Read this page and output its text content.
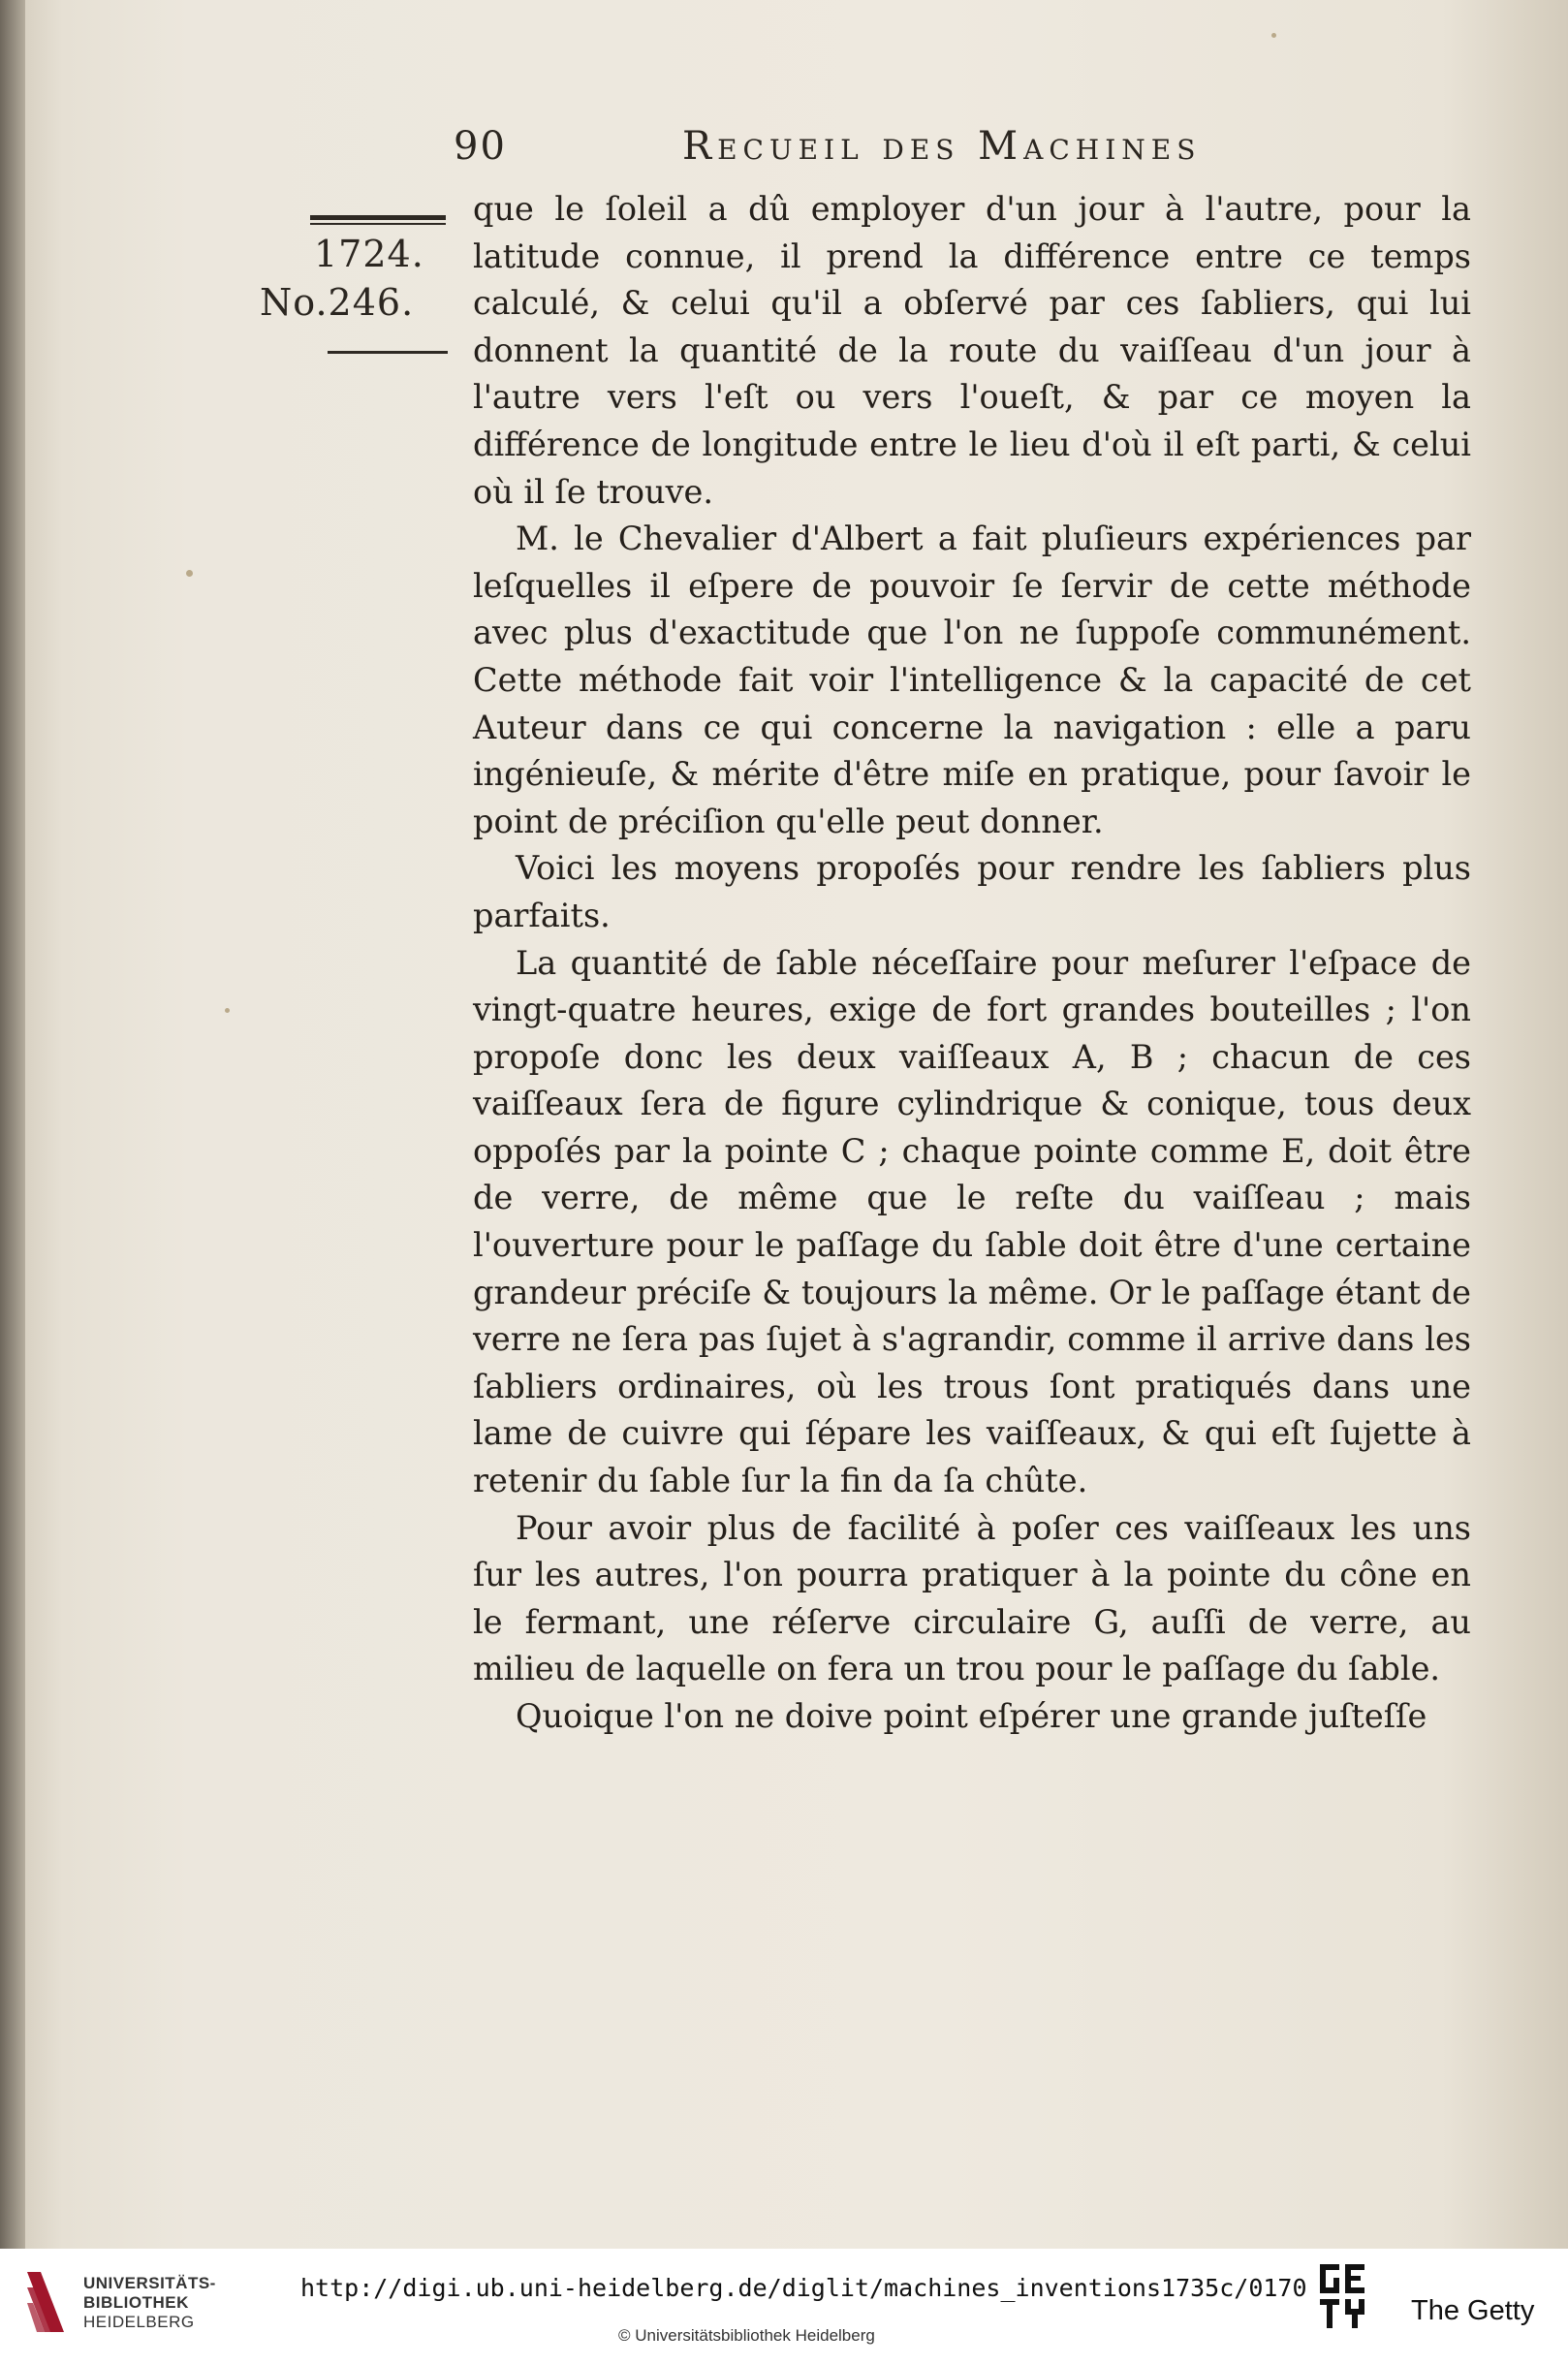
90	Recueil des Machines
1724.
No.246.

que le ſoleil a dû employer d'un jour à l'autre, pour la latitude connue, il prend la différence entre ce temps calculé, & celui qu'il a obſervé par ces ſabliers, qui lui donnent la quantité de la route du vaiſſeau d'un jour à l'autre vers l'eſt ou vers l'oueſt, & par ce moyen la différence de longitude entre le lieu d'où il eſt parti, & celui où il ſe trouve.

M. le Chevalier d'Albert a fait pluſieurs expériences par leſquelles il eſpere de pouvoir ſe ſervir de cette méthode avec plus d'exactitude que l'on ne ſuppoſe communément. Cette méthode fait voir l'intelligence & la capacité de cet Auteur dans ce qui concerne la navigation : elle a paru ingénieuſe, & mérite d'être miſe en pratique, pour ſavoir le point de préciſion qu'elle peut donner.

Voici les moyens propoſés pour rendre les ſabliers plus parfaits.

La quantité de ſable néceſſaire pour meſurer l'eſpace de vingt-quatre heures, exige de fort grandes bouteilles ; l'on propoſe donc les deux vaiſſeaux A, B ; chacun de ces vaiſſeaux ſera de figure cylindrique & conique, tous deux oppoſés par la pointe C ; chaque pointe comme E, doit être de verre, de même que le reſte du vaiſſeau ; mais l'ouverture pour le paſſage du ſable doit être d'une certaine grandeur préciſe & toujours la même. Or le paſſage étant de verre ne ſera pas ſujet à s'agrandir, comme il arrive dans les ſabliers ordinaires, où les trous ſont pratiqués dans une lame de cuivre qui ſépare les vaiſſeaux, & qui eſt ſujette à retenir du ſable ſur la fin da ſa chûte.

Pour avoir plus de facilité à poſer ces vaiſſeaux les uns ſur les autres, l'on pourra pratiquer à la pointe du cône en le fermant, une réſerve circulaire G, auſſi de verre, au milieu de laquelle on fera un trou pour le paſſage du ſable.

Quoique l'on ne doive point eſpérer une grande juſteſſe

UNIVERSITÄTS-
BIBLIOTHEK
HEIDELBERG
http://digi.ub.uni-heidelberg.de/diglit/machines_inventions1735c/0170
© Universitätsbibliothek Heidelberg
The Getty
